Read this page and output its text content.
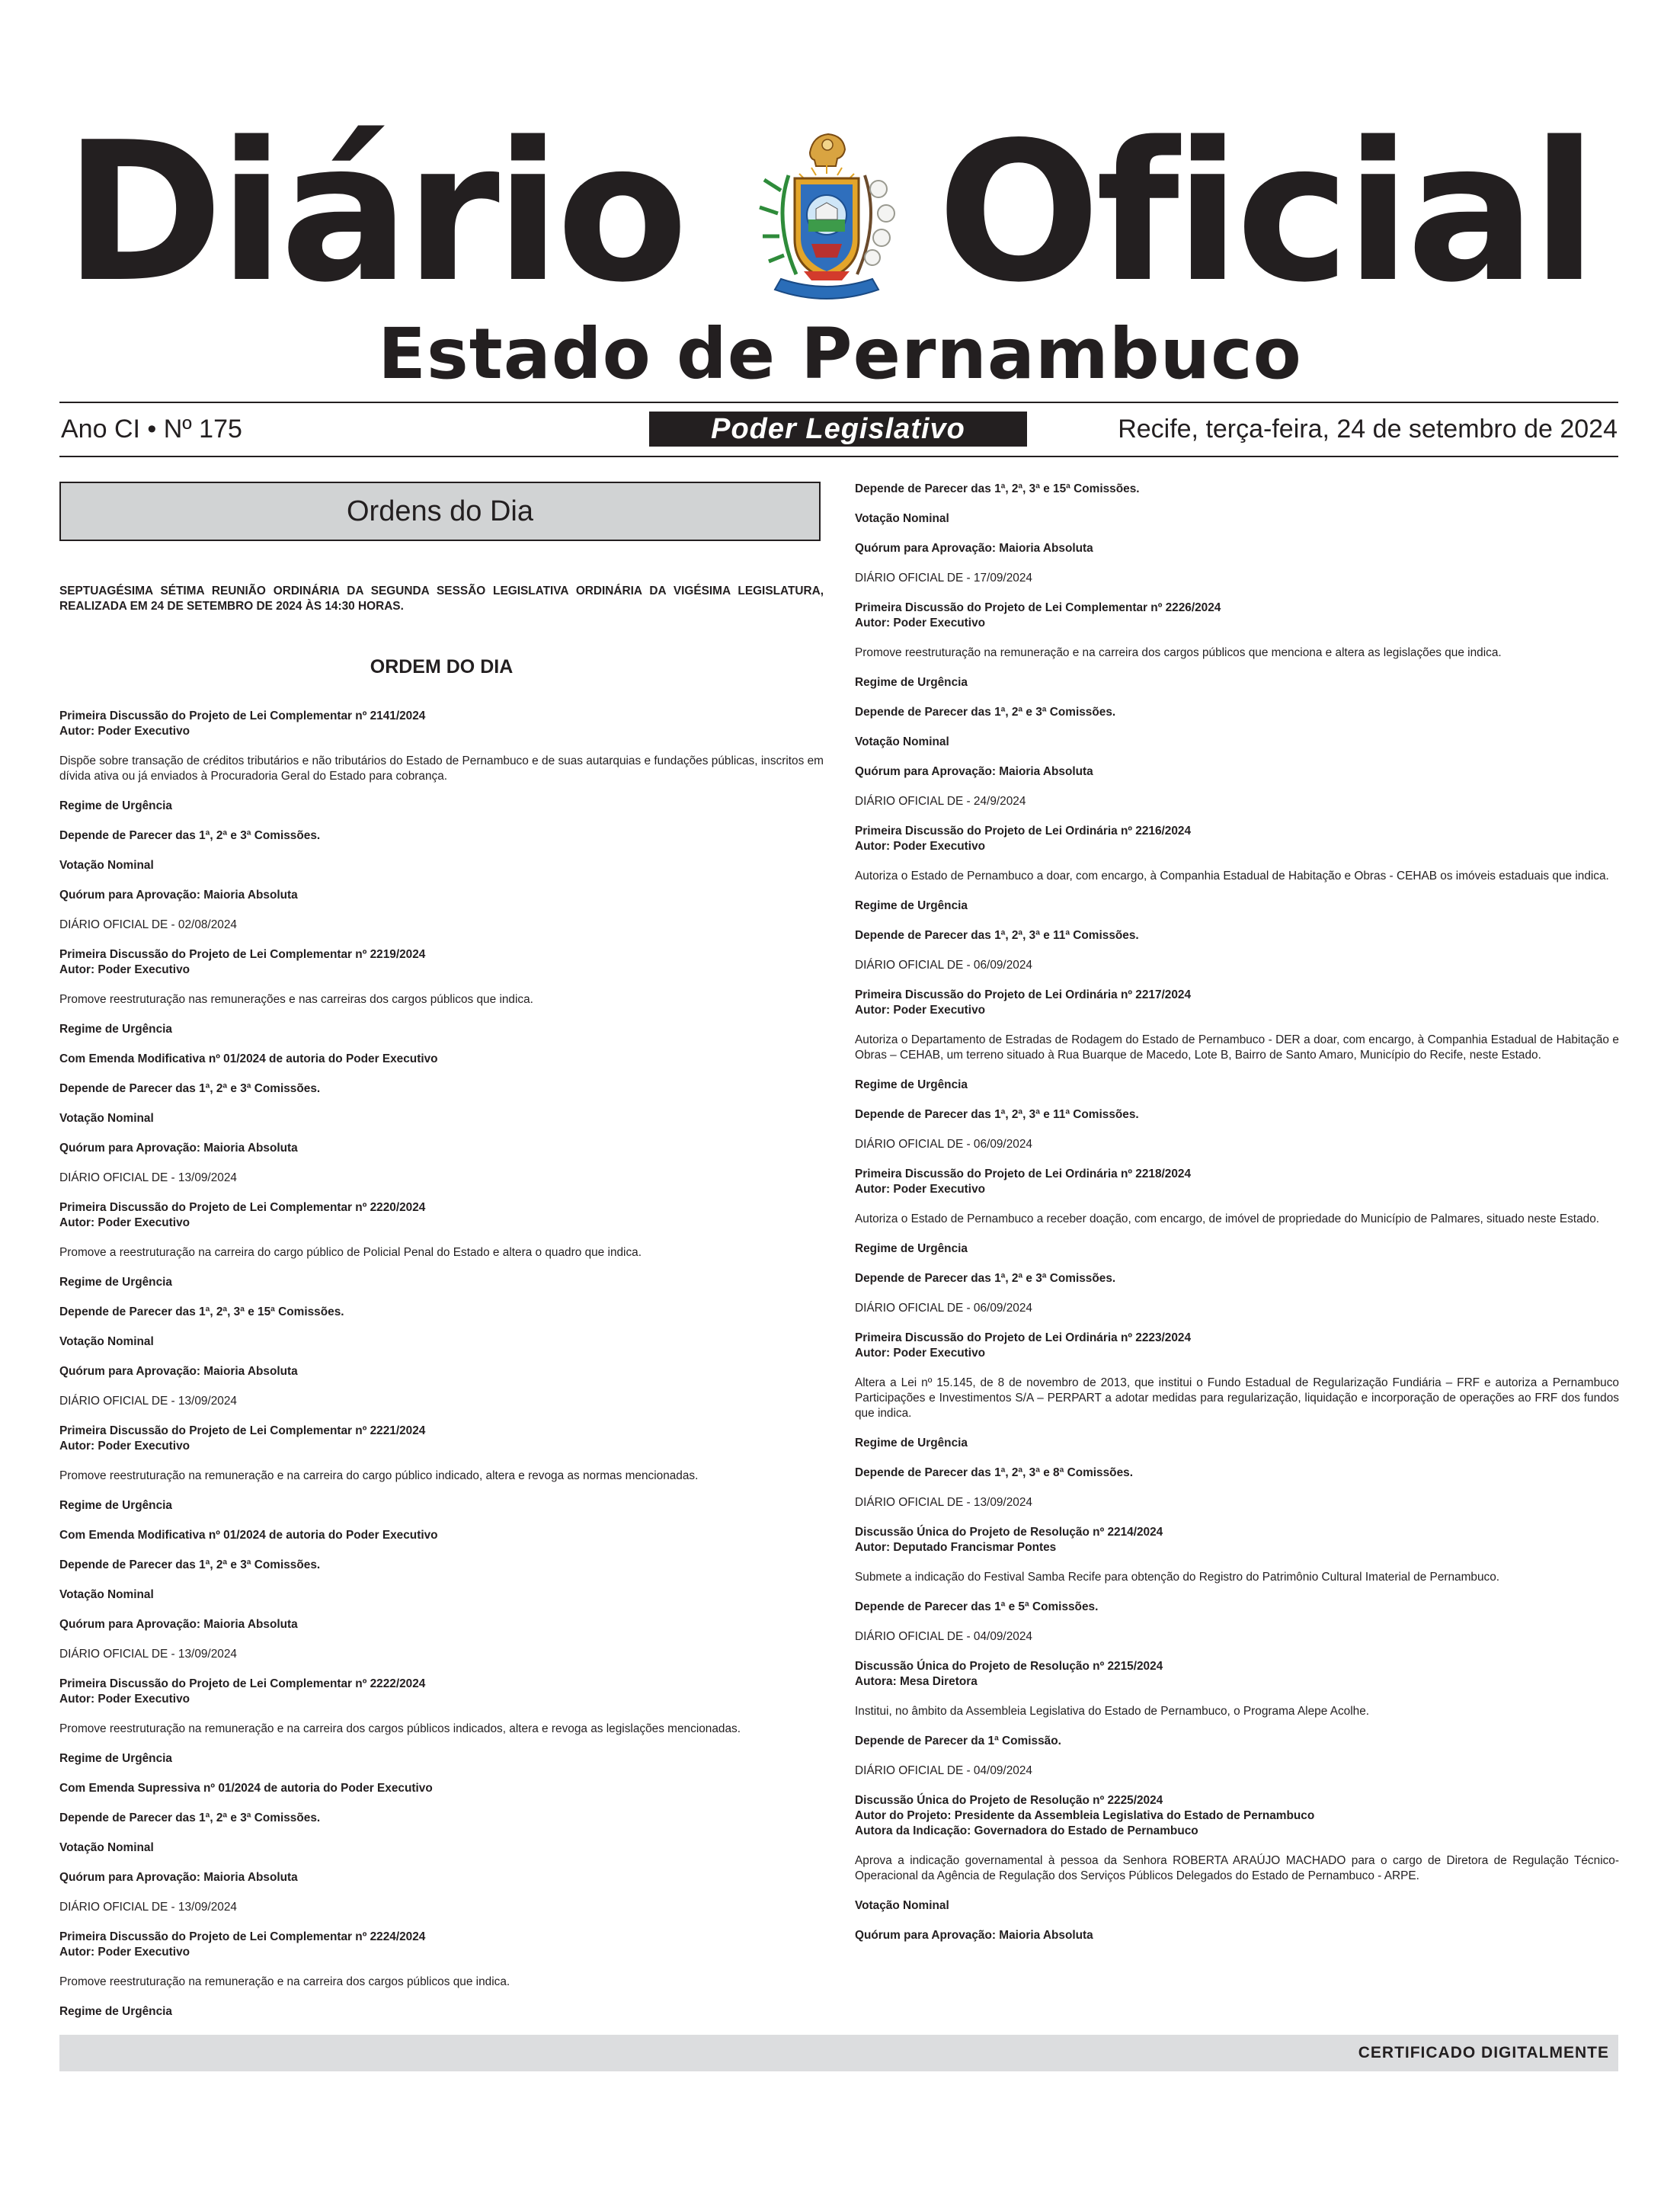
Diário Oficial
Estado de Pernambuco
Ano CI • Nº 175	Poder Legislativo	Recife, terça-feira, 24 de setembro de 2024
Ordens do Dia
SEPTUAGÉSIMA SÉTIMA REUNIÃO ORDINÁRIA DA SEGUNDA SESSÃO LEGISLATIVA ORDINÁRIA DA VIGÉSIMA LEGISLATURA, REALIZADA EM 24 DE SETEMBRO DE 2024 ÀS 14:30 HORAS.
ORDEM DO DIA
Primeira Discussão do Projeto de Lei Complementar nº 2141/2024
Autor: Poder Executivo
Dispõe sobre transação de créditos tributários e não tributários do Estado de Pernambuco e de suas autarquias e fundações públicas, inscritos em dívida ativa ou já enviados à Procuradoria Geral do Estado para cobrança.
Regime de Urgência
Depende de Parecer das 1ª, 2ª e 3ª Comissões.
Votação Nominal
Quórum para Aprovação: Maioria Absoluta
DIÁRIO OFICIAL DE - 02/08/2024
Primeira Discussão do Projeto de Lei Complementar nº 2219/2024
Autor: Poder Executivo
Promove reestruturação nas remunerações e nas carreiras dos cargos públicos que indica.
Regime de Urgência
Com Emenda Modificativa nº 01/2024 de autoria do Poder Executivo
Depende de Parecer das 1ª, 2ª e 3ª Comissões.
Votação Nominal
Quórum para Aprovação: Maioria Absoluta
DIÁRIO OFICIAL DE - 13/09/2024
Primeira Discussão do Projeto de Lei Complementar nº 2220/2024
Autor: Poder Executivo
Promove a reestruturação na carreira do cargo público de Policial Penal do Estado e altera o quadro que indica.
Regime de Urgência
Depende de Parecer das 1ª, 2ª, 3ª e 15ª Comissões.
Votação Nominal
Quórum para Aprovação: Maioria Absoluta
DIÁRIO OFICIAL DE - 13/09/2024
Primeira Discussão do Projeto de Lei Complementar nº 2221/2024
Autor: Poder Executivo
Promove reestruturação na remuneração e na carreira do cargo público indicado, altera e revoga as normas mencionadas.
Regime de Urgência
Com Emenda Modificativa nº 01/2024 de autoria do Poder Executivo
Depende de Parecer das 1ª, 2ª e 3ª Comissões.
Votação Nominal
Quórum para Aprovação: Maioria Absoluta
DIÁRIO OFICIAL DE - 13/09/2024
Primeira Discussão do Projeto de Lei Complementar nº 2222/2024
Autor: Poder Executivo
Promove reestruturação na remuneração e na carreira dos cargos públicos indicados, altera e revoga as legislações mencionadas.
Regime de Urgência
Com Emenda Supressiva nº 01/2024 de autoria do Poder Executivo
Depende de Parecer das 1ª, 2ª e 3ª Comissões.
Votação Nominal
Quórum para Aprovação: Maioria Absoluta
DIÁRIO OFICIAL DE - 13/09/2024
Primeira Discussão do Projeto de Lei Complementar nº 2224/2024
Autor: Poder Executivo
Promove reestruturação na remuneração e na carreira dos cargos públicos que indica.
Regime de Urgência
Depende de Parecer das 1ª, 2ª, 3ª e 15ª Comissões.
Votação Nominal
Quórum para Aprovação: Maioria Absoluta
DIÁRIO OFICIAL DE - 17/09/2024
Primeira Discussão do Projeto de Lei Complementar nº 2226/2024
Autor: Poder Executivo
Promove reestruturação na remuneração e na carreira dos cargos públicos que menciona e altera as legislações que indica.
Regime de Urgência
Depende de Parecer das 1ª, 2ª e 3ª Comissões.
Votação Nominal
Quórum para Aprovação: Maioria Absoluta
DIÁRIO OFICIAL DE - 24/9/2024
Primeira Discussão do Projeto de Lei Ordinária nº 2216/2024
Autor: Poder Executivo
Autoriza o Estado de Pernambuco a doar, com encargo, à Companhia Estadual de Habitação e Obras - CEHAB os imóveis estaduais que indica.
Regime de Urgência
Depende de Parecer das 1ª, 2ª, 3ª e 11ª Comissões.
DIÁRIO OFICIAL DE - 06/09/2024
Primeira Discussão do Projeto de Lei Ordinária nº 2217/2024
Autor: Poder Executivo
Autoriza o Departamento de Estradas de Rodagem do Estado de Pernambuco - DER a doar, com encargo, à Companhia Estadual de Habitação e Obras – CEHAB, um terreno situado à Rua Buarque de Macedo, Lote B, Bairro de Santo Amaro, Município do Recife, neste Estado.
Regime de Urgência
Depende de Parecer das 1ª, 2ª, 3ª e 11ª Comissões.
DIÁRIO OFICIAL DE - 06/09/2024
Primeira Discussão do Projeto de Lei Ordinária nº 2218/2024
Autor: Poder Executivo
Autoriza o Estado de Pernambuco a receber doação, com encargo, de imóvel de propriedade do Município de Palmares, situado neste Estado.
Regime de Urgência
Depende de Parecer das 1ª, 2ª e 3ª Comissões.
DIÁRIO OFICIAL DE - 06/09/2024
Primeira Discussão do Projeto de Lei Ordinária nº 2223/2024
Autor: Poder Executivo
Altera a Lei nº 15.145, de 8 de novembro de 2013, que institui o Fundo Estadual de Regularização Fundiária – FRF e autoriza a Pernambuco Participações e Investimentos S/A – PERPART a adotar medidas para regularização, liquidação e incorporação de operações ao FRF dos fundos que indica.
Regime de Urgência
Depende de Parecer das 1ª, 2ª, 3ª e 8ª Comissões.
DIÁRIO OFICIAL DE - 13/09/2024
Discussão Única do Projeto de Resolução nº 2214/2024
Autor: Deputado Francismar Pontes
Submete a indicação do Festival Samba Recife para obtenção do Registro do Patrimônio Cultural Imaterial de Pernambuco.
Depende de Parecer das 1ª e 5ª Comissões.
DIÁRIO OFICIAL DE - 04/09/2024
Discussão Única do Projeto de Resolução nº 2215/2024
Autora: Mesa Diretora
Institui, no âmbito da Assembleia Legislativa do Estado de Pernambuco, o Programa Alepe Acolhe.
Depende de Parecer da 1ª Comissão.
DIÁRIO OFICIAL DE - 04/09/2024
Discussão Única do Projeto de Resolução nº 2225/2024
Autor do Projeto: Presidente da Assembleia Legislativa do Estado de Pernambuco
Autora da Indicação: Governadora do Estado de Pernambuco
Aprova a indicação governamental à pessoa da Senhora ROBERTA ARAÚJO MACHADO para o cargo de Diretora de Regulação Técnico-Operacional da Agência de Regulação dos Serviços Públicos Delegados do Estado de Pernambuco - ARPE.
Votação Nominal
Quórum para Aprovação: Maioria Absoluta
CERTIFICADO DIGITALMENTE
